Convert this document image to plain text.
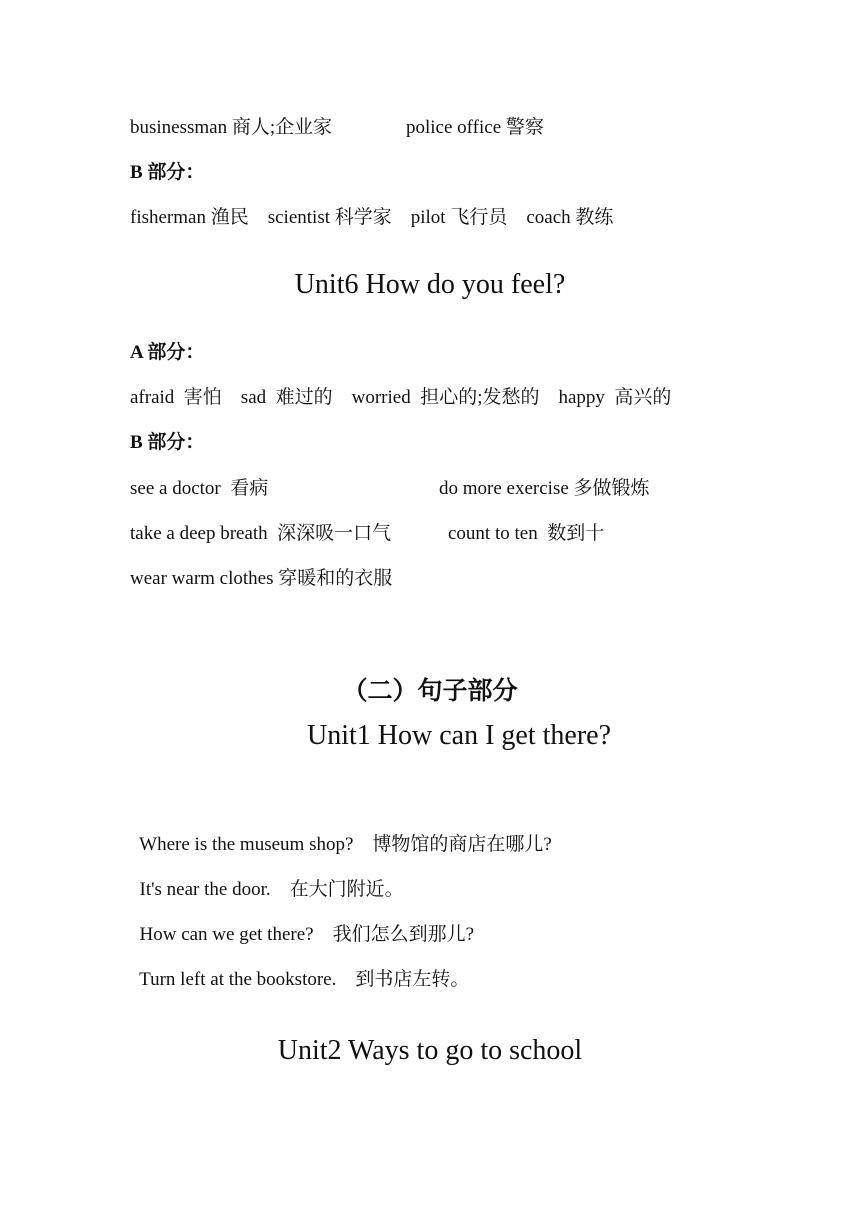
businessman 商人;企业家	police office 警察
B 部分：
fisherman 渔民    scientist 科学家    pilot 飞行员    coach 教练
Unit6 How do you feel?
A 部分：
afraid  害怕    sad  难过的    worried  担心的;发愁的    happy  高兴的
B 部分：
see a doctor  看病	do more exercise 多做锻炼
take a deep breath  深深吸一口气	count to ten  数到十
wear warm clothes 穿暖和的衣服
（二）句子部分
Unit1 How can I get there?

Where is the museum shop? 博物馆的商店在哪儿?

It's near the door. 在大门附近。

How can we get there? 我们怎么到那儿?

Turn left at the bookstore. 到书店左转。

Unit2 Ways to go to school
